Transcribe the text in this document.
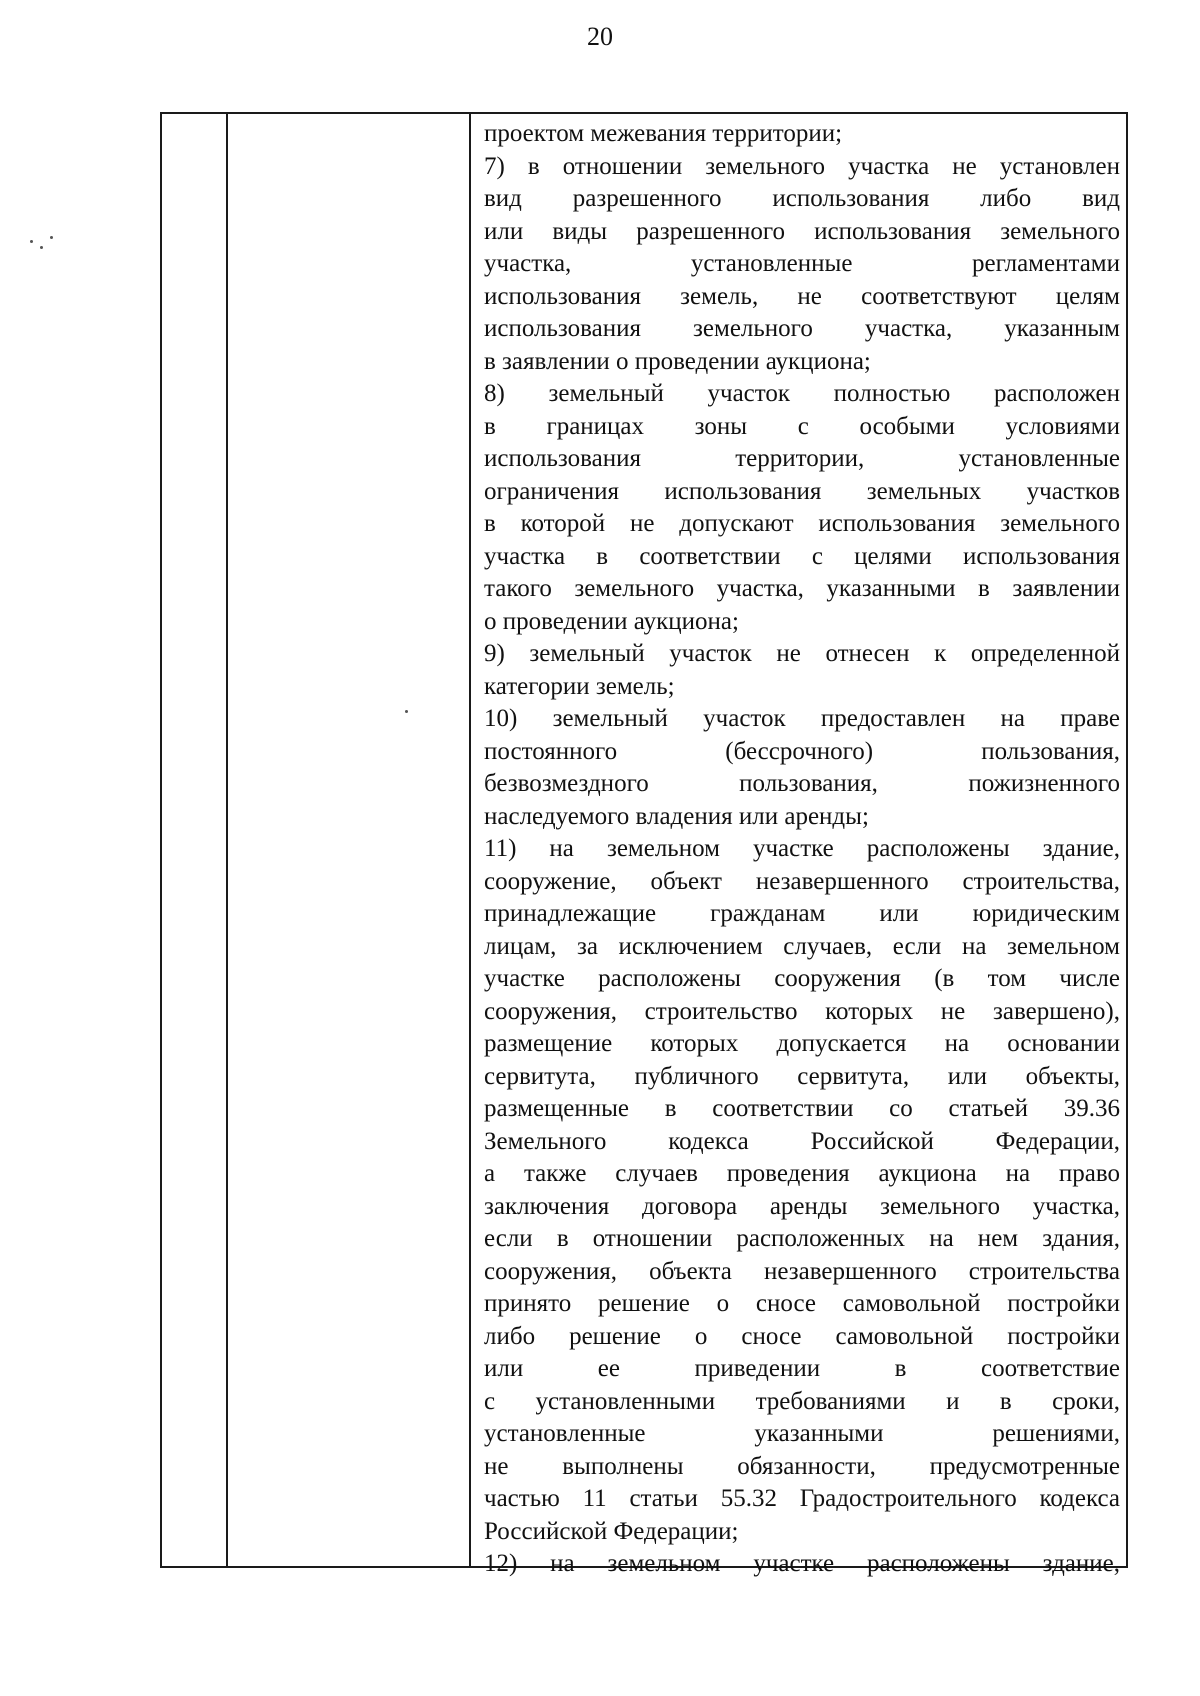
20
проектом межевания территории;
7) в отношении земельного участка не установлен
вид разрешенного использования либо вид
или виды разрешенного использования земельного
участка, установленные регламентами
использования земель, не соответствуют целям
использования земельного участка, указанным
в заявлении о проведении аукциона;
8) земельный участок полностью расположен
в границах зоны с особыми условиями
использования территории, установленные
ограничения использования земельных участков
в которой не допускают использования земельного
участка в соответствии с целями использования
такого земельного участка, указанными в заявлении
о проведении аукциона;
9) земельный участок не отнесен к определенной
категории земель;
10) земельный участок предоставлен на праве
постоянного (бессрочного) пользования,
безвозмездного пользования, пожизненного
наследуемого владения или аренды;
11) на земельном участке расположены здание,
сооружение, объект незавершенного строительства,
принадлежащие гражданам или юридическим
лицам, за исключением случаев, если на земельном
участке расположены сооружения (в том числе
сооружения, строительство которых не завершено),
размещение которых допускается на основании
сервитута, публичного сервитута, или объекты,
размещенные в соответствии со статьей 39.36
Земельного кодекса Российской Федерации,
а также случаев проведения аукциона на право
заключения договора аренды земельного участка,
если в отношении расположенных на нем здания,
сооружения, объекта незавершенного строительства
принято решение о сносе самовольной постройки
либо решение о сносе самовольной постройки
или ее приведении в соответствие
с установленными требованиями и в сроки,
установленные указанными решениями,
не выполнены обязанности, предусмотренные
частью 11 статьи 55.32 Градостроительного кодекса
Российской Федерации;
12) на земельном участке расположены здание,
